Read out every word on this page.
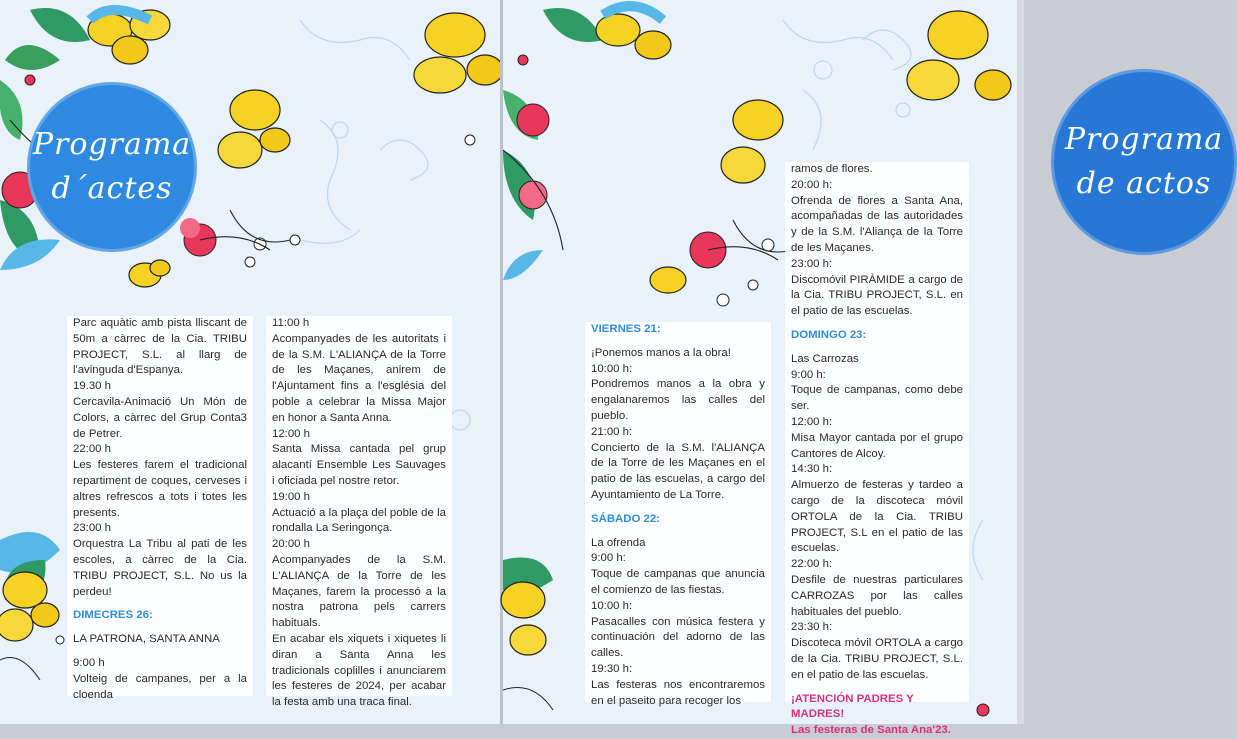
Programa
d´actes

Parc aquàtic amb pista lliscant de 50m a càrrec de la Cia. TRIBU PROJECT, S.L. al llarg de l'avinguda d'Espanya.

19.30 h

Cercavila-Animació Un Món de Colors, a càrrec del Grup Conta3 de Petrer.

22:00 h

Les festeres farem el tradicional repartiment de coques, cerveses i altres refrescos a tots i totes les presents.

23:00 h

Orquestra La Tribu al pati de les escoles, a càrrec de la Cia. TRIBU PROJECT, S.L. No us la perdeu!

DIMECRES 26:

LA PATRONA, SANTA ANNA

9:00 h

Volteig de campanes, per a la cloenda

11:00 h

Acompanyades de les autoritats i de la S.M. L'ALIANÇA de la Torre de les Maçanes, anirem de l'Ajuntament fins a l'església del poble a celebrar la Missa Major en honor a Santa Anna.

12:00 h

Santa Missa cantada pel grup alacantí Ensemble Les Sauvages i oficiada pel nostre retor.

19:00 h

Actuació a la plaça del poble de la rondalla La Seringonça.

20:00 h

Acompanyades de la S.M. L'ALIANÇA de la Torre de les Maçanes, farem la processó a la nostra patrona pels carrers habituals.

En acabar els xiquets i xiquetes li diran a Santa Anna les tradicionals coplilles i anunciarem les festeres de 2024, per acabar la festa amb una traca final.

Programa
de actos

VIERNES 21:

¡Ponemos manos a la obra!

10:00 h:

Pondremos manos a la obra y engalanaremos las calles del pueblo.

21:00 h:

Concierto de la S.M. l'ALIANÇA de la Torre de les Maçanes en el patio de las escuelas, a cargo del Ayuntamiento de La Torre.

SÁBADO 22:

La ofrenda

9:00 h:

Toque de campanas que anuncia el comienzo de las fiestas.

10:00 h:

Pasacalles con música festera y continuación del adorno de las calles.

19:30 h:

Las festeras nos encontraremos en el paseito para recoger los

ramos de flores.

20:00 h:

Ofrenda de flores a Santa Ana, acompañadas de las autoridades y de la S.M. l'Aliança de la Torre de les Maçanes.

23:00 h:

Discomóvil PIRÀMIDE a cargo de la Cia. TRIBU PROJECT, S.L. en el patio de las escuelas.

DOMINGO 23:

Las Carrozas

9:00 h:

Toque de campanas, como debe ser.

12:00 h:

Misa Mayor cantada por el grupo Cantores de Alcoy.

14:30 h:

Almuerzo de festeras y tardeo a cargo de la discoteca móvil ORTOLA de la Cia. TRIBU PROJECT, S.L en el patio de las escuelas.

22:00 h:

Desfile de nuestras particulares CARROZAS por las calles habituales del pueblo.

23:30 h:

Discoteca móvil ORTOLA a cargo de la Cia. TRIBU PROJECT, S.L. en el patio de las escuelas.

¡ATENCIÓN PADRES Y MADRES!

Las festeras de Santa Ana'23.
